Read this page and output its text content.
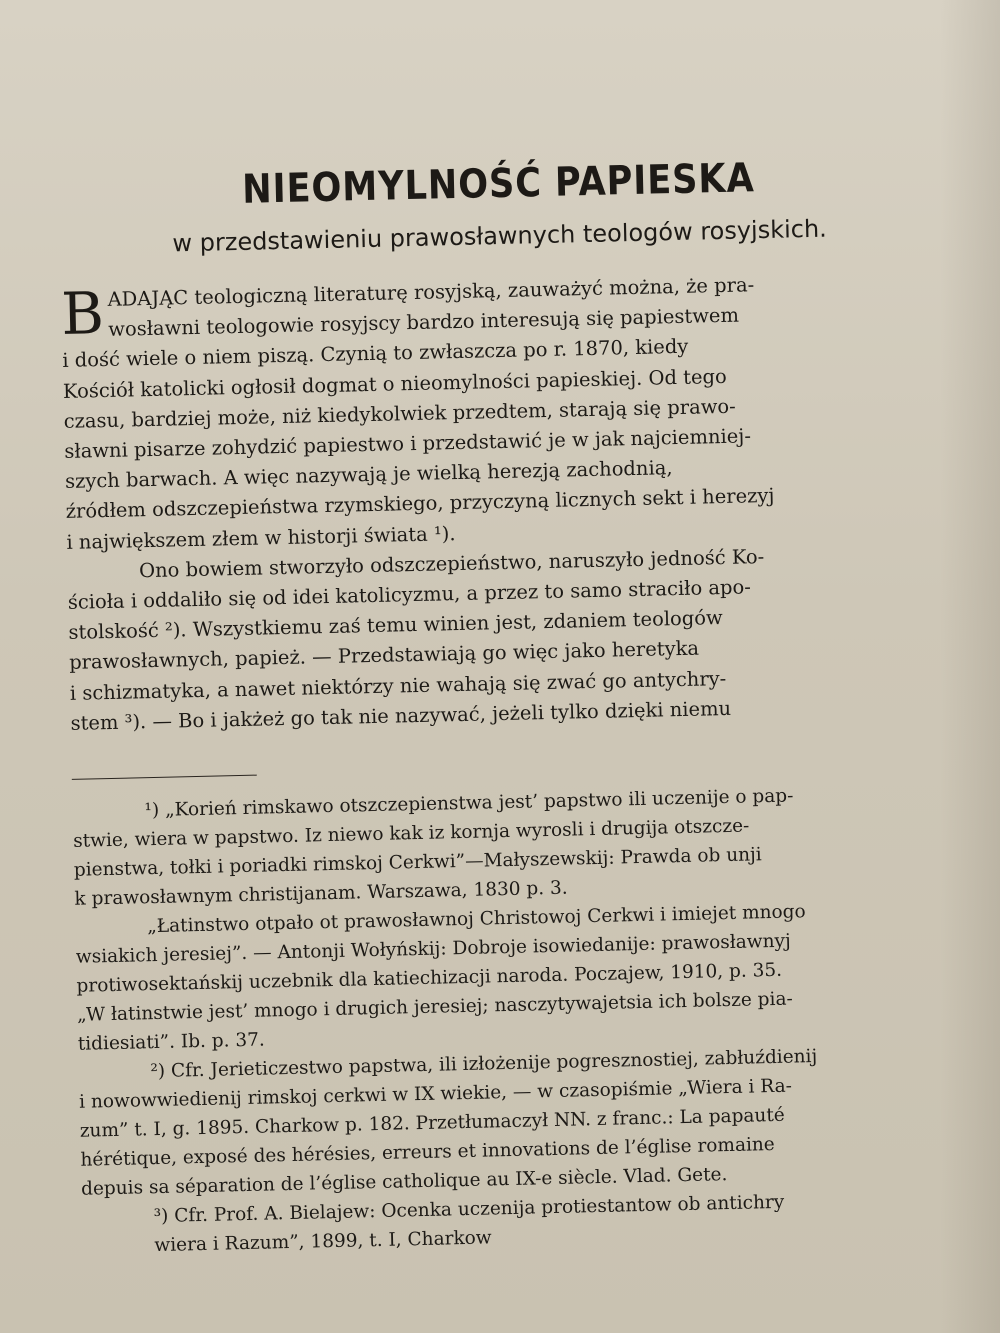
NIEOMYLNOŚĆ PAPIESKA
w przedstawieniu prawosławnych teologów rosyjskich.
B ADAJĄC teologiczną literaturę rosyjską, zauważyć można, że pra-
wosławni teologowie rosyjscy bardzo interesują się papiestwem
i dość wiele o niem piszą. Czynią to zwłaszcza po r. 1870, kiedy
Kościół katolicki ogłosił dogmat o nieomylności papieskiej. Od tego
czasu, bardziej może, niż kiedykolwiek przedtem, starają się prawo-
sławni pisarze zohydzić papiestwo i przedstawić je w jak najciemniej-
szych barwach. A więc nazywają je wielką herezją zachodnią,
źródłem odszczepieństwa rzymskiego, przyczyną licznych sekt i herezyj
i największem złem w historji świata ¹).
Ono bowiem stworzyło odszczepieństwo, naruszyło jedność Ko-
ścioła i oddaliło się od idei katolicyzmu, a przez to samo straciło apo-
stolskość ²). Wszystkiemu zaś temu winien jest, zdaniem teologów
prawosławnych, papież. — Przedstawiają go więc jako heretyka
i schizmatyka, a nawet niektórzy nie wahają się zwać go antychry-
stem ³). — Bo i jakżeż go tak nie nazywać, jeżeli tylko dzięki niemu
¹) „Korień rimskawo otszczepienstwa jest’ papstwo ili uczenije o pap-
stwie, wiera w papstwo. Iz niewo kak iz kornja wyrosli i drugija otszcze-
pienstwa, tołki i poriadki rimskoj Cerkwi”—Małyszewskij: Prawda ob unji
k prawosławnym christijanam. Warszawa, 1830 p. 3.
„Łatinstwo otpało ot prawosławnoj Christowoj Cerkwi i imiejet mnogo
wsiakich jeresiej”. — Antonji Wołyńskij: Dobroje isowiedanije: prawosławnyj
protiwosektańskij uczebnik dla katiechizacji naroda. Poczajew, 1910, p. 35.
„W łatinstwie jest’ mnogo i drugich jeresiej; nasczytywajetsia ich bolsze pia-
tidiesiati”. Ib. p. 37.
²) Cfr. Jerieticzestwo papstwa, ili izłożenije pogresznostiej, zabłuźdienij
i nowowwiedienij rimskoj cerkwi w IX wiekie, — w czasopiśmie „Wiera i Ra-
zum” t. I, g. 1895. Charkow p. 182. Przetłumaczył NN. z franc.: La papauté
hérétique, exposé des hérésies, erreurs et innovations de l’église romaine
depuis sa séparation de l’église catholique au IX-e siècle. Vlad. Gete.
³) Cfr. Prof. A. Bielajew: Ocenka uczenija protiestantow ob antichry
wiera i Razum”, 1899, t. I, Charkow
